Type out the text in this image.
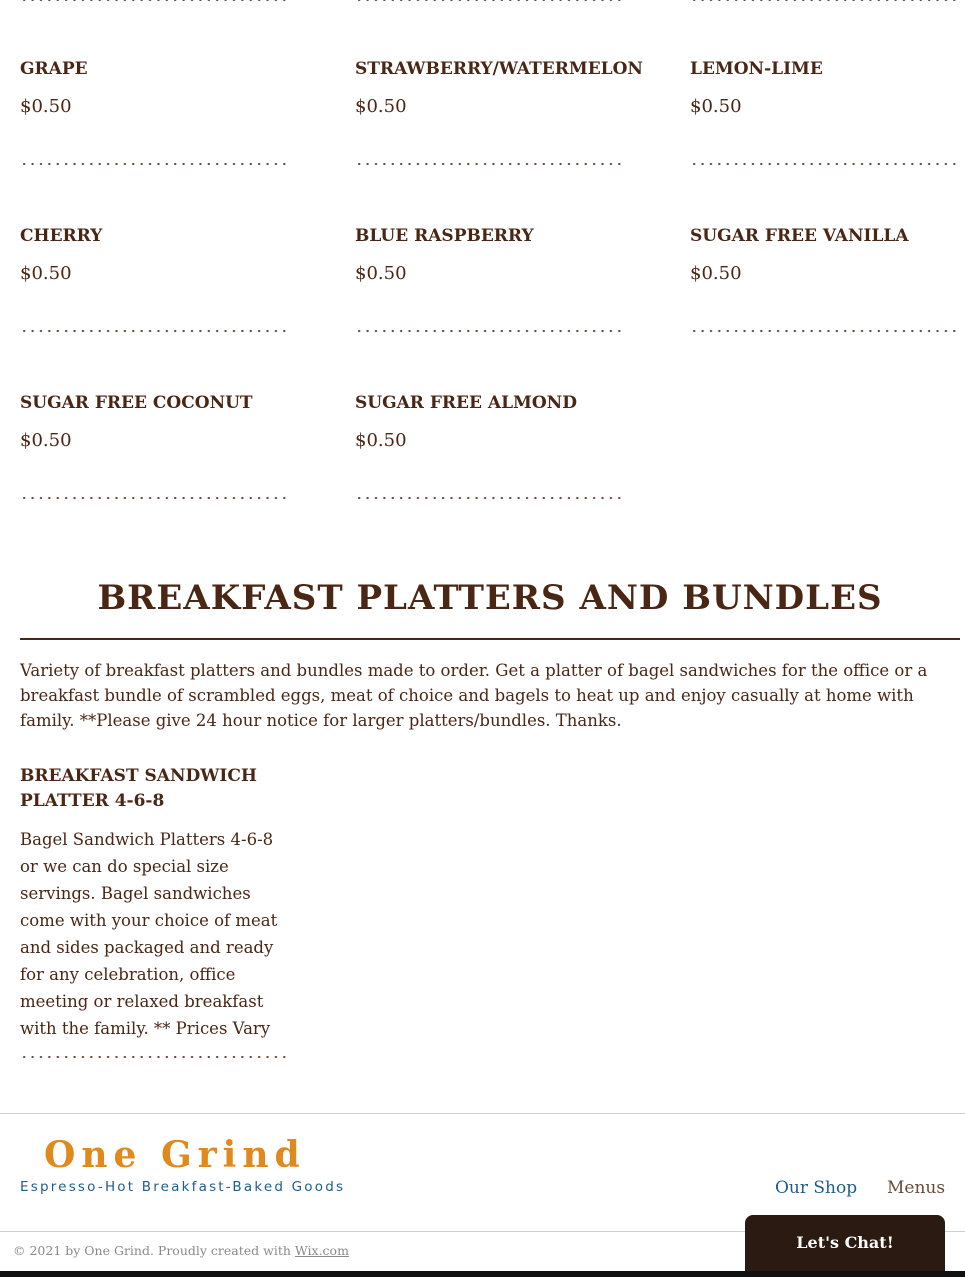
GRAPE
$0.50
STRAWBERRY/WATERMELON
$0.50
LEMON-LIME
$0.50
CHERRY
$0.50
BLUE RASPBERRY
$0.50
SUGAR FREE VANILLA
$0.50
SUGAR FREE COCONUT
$0.50
SUGAR FREE ALMOND
$0.50
BREAKFAST PLATTERS AND BUNDLES

Variety of breakfast platters and bundles made to order. Get a platter of bagel sandwiches for the office or a breakfast bundle of scrambled eggs, meat of choice and bagels to heat up and enjoy casually at home with family. **Please give 24 hour notice for larger platters/bundles. Thanks.

BREAKFAST SANDWICH PLATTER 4-6-8

Bagel Sandwich Platters 4-6-8 or we can do special size servings. Bagel sandwiches come with your choice of meat and sides packaged and ready for any celebration, office meeting or relaxed breakfast with the family. ** Prices Vary

One Grind
Espresso-Hot Breakfast-Baked Goods	Our Shop Menus
© 2021 by One Grind. Proudly created with Wix.com	Let's Chat!
